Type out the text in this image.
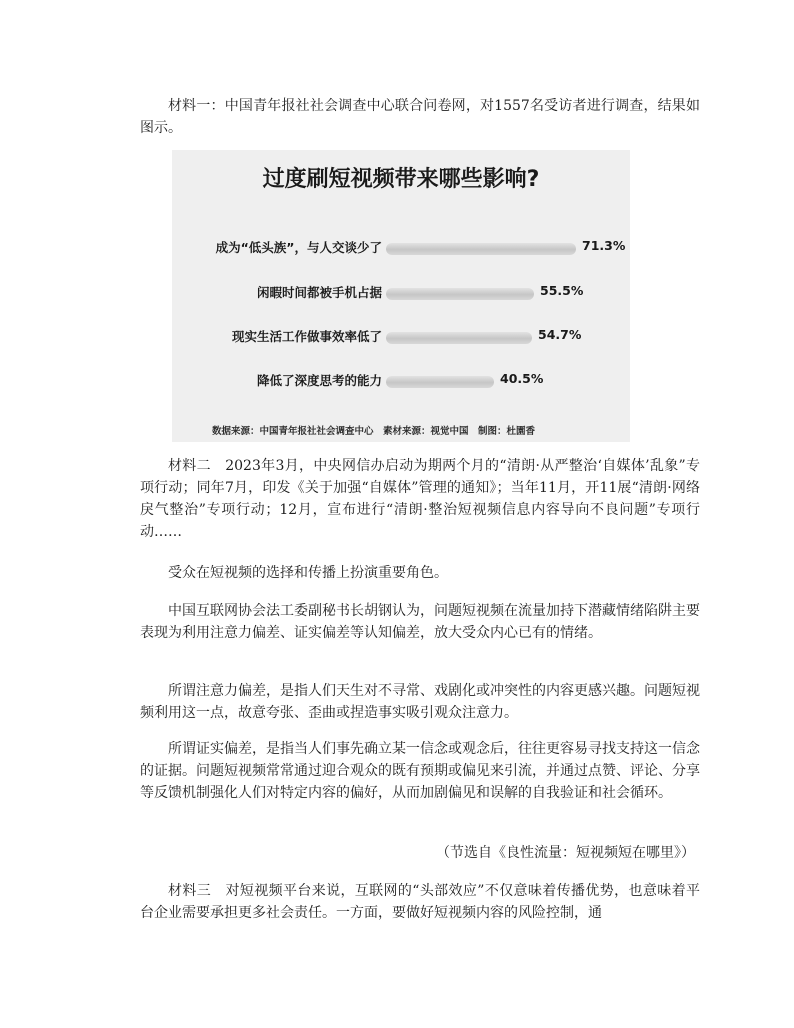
材料一：中国青年报社社会调查中心联合问卷网，对1557名受访者进行调查，结果如图示。

过度刷短视频带来哪些影响?
成为“低头族”，与人交谈少了	71.3%
闲暇时间都被手机占据	55.5%
现实生活工作做事效率低了	54.7%
降低了深度思考的能力	40.5%
数据来源：中国青年报社社会调查中心　素材来源：视觉中国　制图：杜園香

材料二　2023年3月，中央网信办启动为期两个月的“清朗·从严整治‘自媒体’乱象”专项行动；同年7月，印发《关于加强“自媒体”管理的通知》；当年11月，开11展“清朗·网络戾气整治”专项行动；12月，宣布进行“清朗·整治短视频信息内容导向不良问题”专项行动……

受众在短视频的选择和传播上扮演重要角色。

中国互联网协会法工委副秘书长胡钢认为，问题短视频在流量加持下潜藏情绪陷阱主要表现为利用注意力偏差、证实偏差等认知偏差，放大受众内心已有的情绪。

所谓注意力偏差，是指人们天生对不寻常、戏剧化或冲突性的内容更感兴趣。问题短视频利用这一点，故意夸张、歪曲或捏造事实吸引观众注意力。

所谓证实偏差，是指当人们事先确立某一信念或观念后，往往更容易寻找支持这一信念的证据。问题短视频常常通过迎合观众的既有预期或偏见来引流，并通过点赞、评论、分享等反馈机制强化人们对特定内容的偏好，从而加剧偏见和误解的自我验证和社会循环。

（节选自《良性流量：短视频短在哪里》）

材料三　对短视频平台来说，互联网的“头部效应”不仅意味着传播优势，也意味着平台企业需要承担更多社会责任。一方面，要做好短视频内容的风险控制，通
